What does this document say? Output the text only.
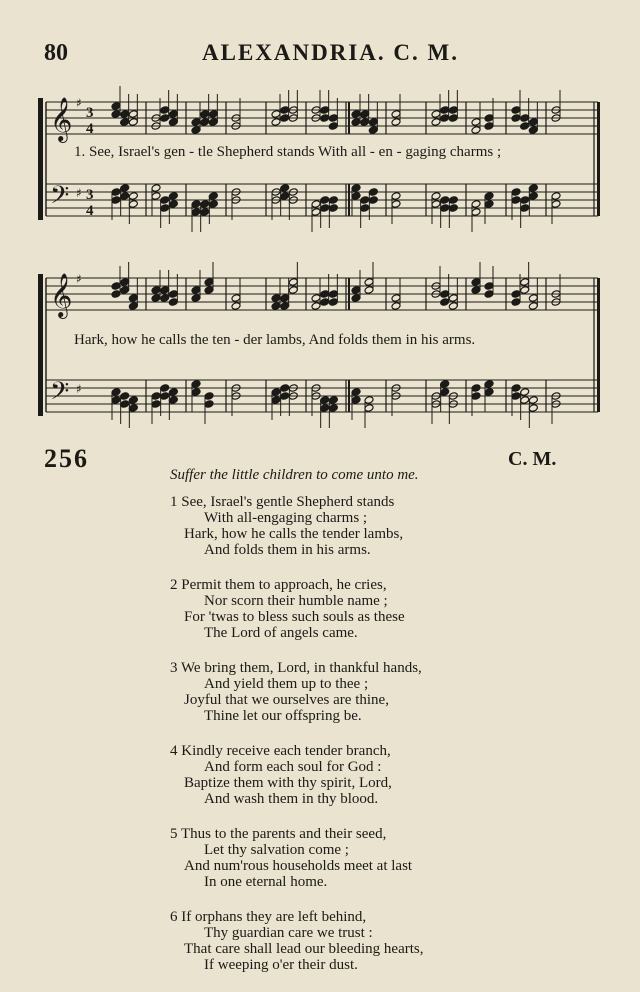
80	ALEXANDRIA. C. M.
𝄞
𝄢
♯
♯
3
4
3
4
1. See, Israel's gen - tle Shepherd stands With all - en - gaging charms ;
𝄞
𝄢
♯
♯
Hark, how he calls the ten - der lambs, And folds them in his arms.
256	C. M.
Suffer the little children to come unto me.
1 See, Israel's gentle Shepherd stands
With all-engaging charms ;
Hark, how he calls the tender lambs,
And folds them in his arms.
2 Permit them to approach, he cries,
Nor scorn their humble name ;
For 'twas to bless such souls as these
The Lord of angels came.
3 We bring them, Lord, in thankful hands,
And yield them up to thee ;
Joyful that we ourselves are thine,
Thine let our offspring be.
4 Kindly receive each tender branch,
And form each soul for God :
Baptize them with thy spirit, Lord,
And wash them in thy blood.
5 Thus to the parents and their seed,
Let thy salvation come ;
And num'rous households meet at last
In one eternal home.
6 If orphans they are left behind,
Thy guardian care we trust :
That care shall lead our bleeding hearts,
If weeping o'er their dust.
